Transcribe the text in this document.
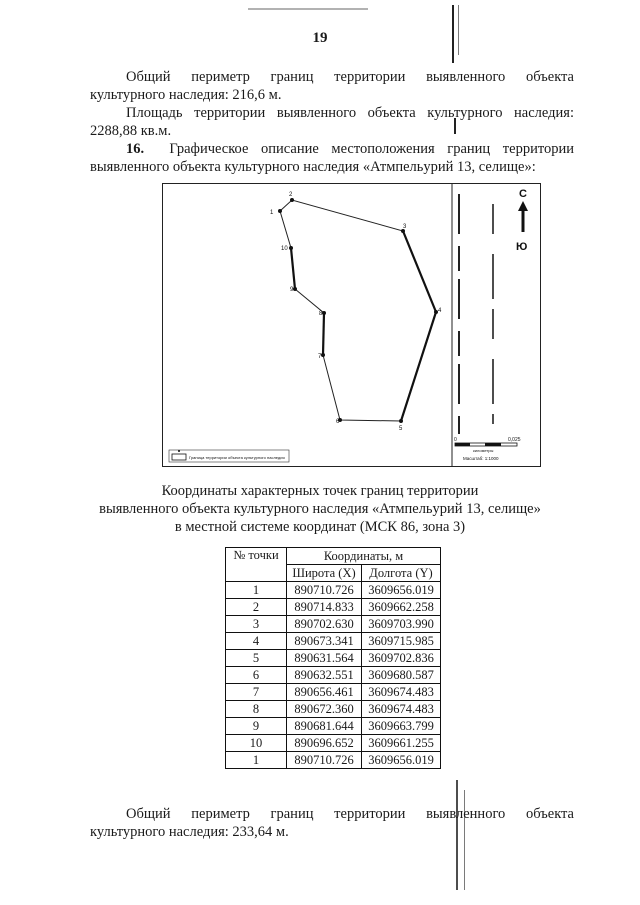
19
Общий периметр границ территории выявленного объекта
культурного наследия: 216,6 м.
Площадь территории выявленного объекта культурного наследия:
2288,88 кв.м.
16. Графическое описание местоположения границ территории
выявленного объекта культурного наследия «Атмпельурий 13, селище»:
1
2
3
4
5
6
7
8
9
10
С
Ю
0	0,025
километры
Масштаб: 1:1000
Граница территории объекта культурного наследия
Координаты характерных точек границ территории
выявленного объекта культурного наследия «Атмпельурий 13, селище»
в местной системе координат (МСК 86, зона 3)
№ точки	Координаты, м	
	Широта (X)	Долгота (Y)
1	890710.726	3609656.019
2	890714.833	3609662.258
3	890702.630	3609703.990
4	890673.341	3609715.985
5	890631.564	3609702.836
6	890632.551	3609680.587
7	890656.461	3609674.483
8	890672.360	3609674.483
9	890681.644	3609663.799
10	890696.652	3609661.255
1	890710.726	3609656.019
Общий периметр границ территории выявленного объекта
культурного наследия: 233,64 м.
